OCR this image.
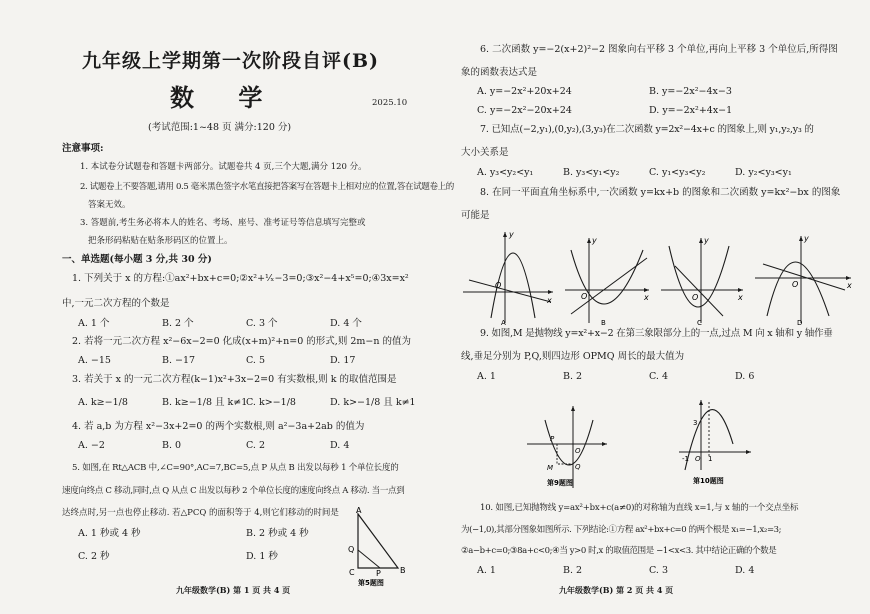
九年级上学期第一次阶段自评(B)
数 学	2025.10
(考试范围:1~48 页 满分:120 分)
注意事项:
1. 本试卷分试题卷和答题卡两部分。试题卷共 4 页,三个大题,满分 120 分。
2. 试题卷上不要答题,请用 0.5 毫米黑色签字水笔直接把答案写在答题卡上相对应的位置,答在试题卷上的
答案无效。
3. 答题前,考生务必将本人的姓名、考场、座号、准考证号等信息填写完整或
把条形码粘贴在贴条形码区的位置上。
一、单选题(每小题 3 分,共 30 分)
1. 下列关于 x 的方程:①ax²+bx+c=0;②x²+¹⁄ₓ−3=0;③x²−4+x⁵=0;④3x=x²
中,一元二次方程的个数是
A. 1 个	B. 2 个	C. 3 个	D. 4 个
2. 若将一元二次方程 x²−6x−2=0 化成(x+m)²+n=0 的形式,则 2m−n 的值为
A. −15	B. −17	C. 5	D. 17
3. 若关于 x 的一元二次方程(k−1)x²+3x−2=0 有实数根,则 k 的取值范围是
A. k≥−1/8	B. k≥−1/8 且 k≠1
C. k>−1/8	D. k>−1/8 且 k≠1
4. 若 a,b 为方程 x²−3x+2=0 的两个实数根,则 a²−3a+2ab 的值为
A. −2	B. 0	C. 2	D. 4
5. 如图,在 Rt△ACB 中,∠C=90°,AC=7,BC=5,点 P 从点 B 出发以每秒 1 个单位长度的
速度向终点 C 移动,同时,点 Q 从点 C 出发以每秒 2 个单位长度的速度向终点 A 移动. 当一点到
达终点时,另一点也停止移动. 若△PCQ 的面积等于 4,则它们移动的时间是
A. 1 秒或 4 秒	B. 2 秒或 4 秒
C. 2 秒	D. 1 秒
A
Q
C	P B
第5题图
九年级数学(B) 第 1 页 共 4 页
6. 二次函数 y=−2(x+2)²−2 图象向右平移 3 个单位,再向上平移 3 个单位后,所得图
象的函数表达式是
A. y=−2x²+20x+24	B. y=−2x²−4x−3
C. y=−2x²−20x+24	D. y=−2x²+4x−1
7. 已知点(−2,y₁),(0,y₂),(3,y₃)在二次函数 y=2x²−4x+c 的图象上,则 y₁,y₂,y₃ 的
大小关系是
A. y₃<y₂<y₁	B. y₃<y₁<y₂	C. y₁<y₃<y₂	D. y₂<y₃<y₁
8. 在同一平面直角坐标系中,一次函数 y=kx+b 的图象和二次函数 y=kx²−bx 的图象
可能是
y
x
O
A
y
x
O
B
y
x
O
C
y
x
O
D
9. 如图,M 是抛物线 y=x²+x−2 在第三象限部分上的一点,过点 M 向 x 轴和 y 轴作垂
线,垂足分别为 P,Q,则四边形 OPMQ 周长的最大值为
A. 1	B. 2	C. 4	D. 6
P
Q
M
O
第9题图
3
-1 O 1
第10题图
10. 如图,已知抛物线 y=ax²+bx+c(a≠0)的对称轴为直线 x=1,与 x 轴的一个交点坐标
为(−1,0),其部分图象如图所示. 下列结论:①方程 ax²+bx+c=0 的两个根是 x₁=−1,x₂=3;
②a−b+c=0;③8a+c<0;④当 y>0 时,x 的取值范围是 −1<x<3. 其中结论正确的个数是
A. 1	B. 2	C. 3	D. 4
九年级数学(B) 第 2 页 共 4 页
